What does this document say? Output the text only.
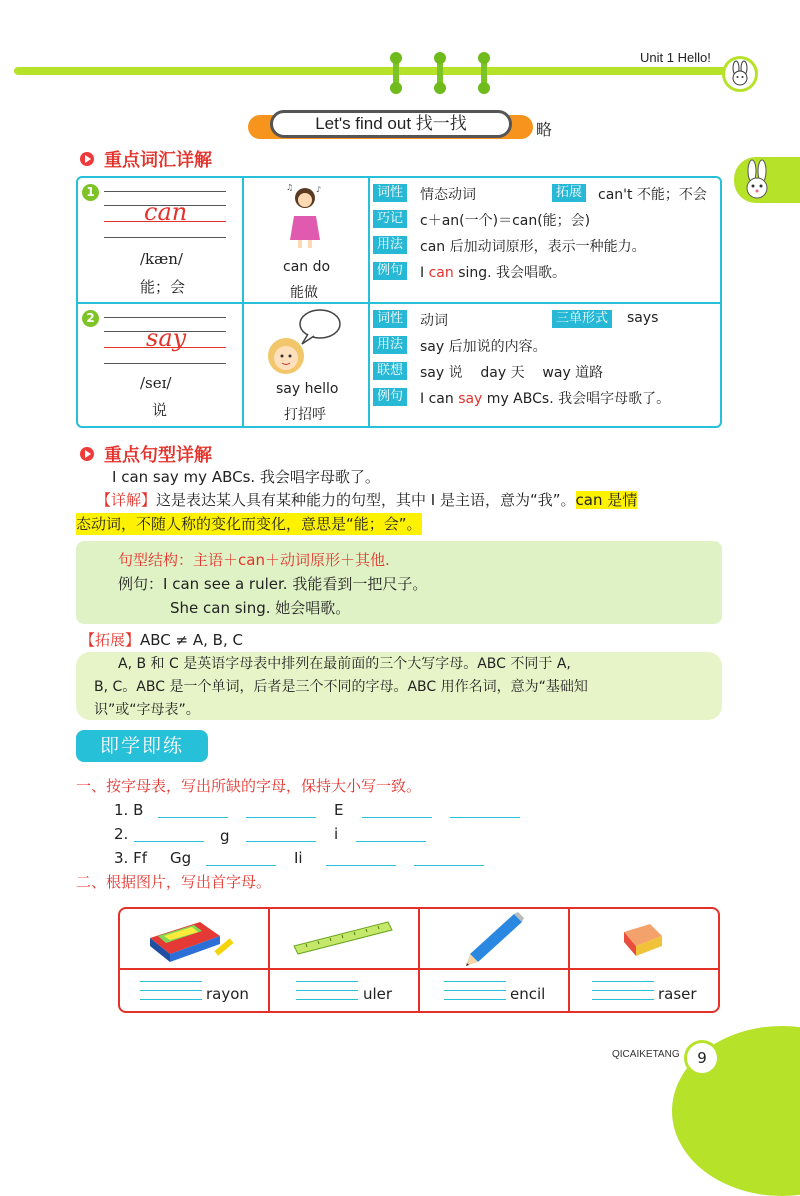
Unit 1 Hello!
Let's find out 找一找	略
重点词汇详解
1
can
/kæn/
能；会
♪
♫
can do
能做
词性 情态动词	拓展 can't 不能；不会
巧记 c＋an(一个)＝can(能；会)
用法 can 后加动词原形，表示一种能力。
例句 I can sing. 我会唱歌。
2
say
/seɪ/
说
say hello
打招呼
词性 动词	三单形式 says
用法 say 后加说的内容。
联想 say 说    day 天    way 道路
例句 I can say my ABCs. 我会唱字母歌了。
重点句型详解
I can say my ABCs. 我会唱字母歌了。
【详解】这是表达某人具有某种能力的句型，其中 I 是主语，意为“我”。can 是情
态动词，不随人称的变化而变化，意思是“能；会”。
句型结构：主语＋can＋动词原形＋其他.
例句：I can see a ruler. 我能看到一把尺子。
She can sing. 她会唱歌。
【拓展】ABC ≠ A, B, C
A, B 和 C 是英语字母表中排列在最前面的三个大写字母。ABC 不同于 A,
B, C。ABC 是一个单词，后者是三个不同的字母。ABC 用作名词，意为“基础知
识”或“字母表”。
即学即练
一、按字母表，写出所缺的字母，保持大小写一致。
1. B	E
2.	g	i
3. Ff Gg	Ii
二、根据图片，写出首字母。
rayon	uler	encil	raser
QICAIKETANG	9
